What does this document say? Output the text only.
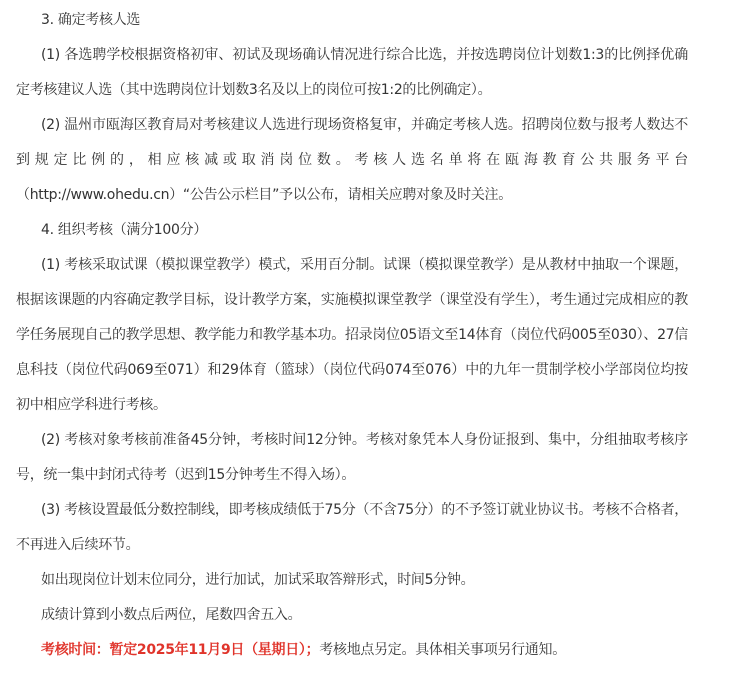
3. 确定考核人选

(1) 各选聘学校根据资格初审、初试及现场确认情况进行综合比选，并按选聘岗位计划数1:3的比例择优确定考核建议人选（其中选聘岗位计划数3名及以上的岗位可按1:2的比例确定）。

(2) 温州市瓯海区教育局对考核建议人选进行现场资格复审，并确定考核人选。招聘岗位数与报考人数达不到规定比例的，相应核减或取消岗位数。考核人选名单将在瓯海教育公共服务平台（http://www.ohedu.cn）“公告公示栏目”予以公布，请相关应聘对象及时关注。

4. 组织考核（满分100分）

(1) 考核采取试课（模拟课堂教学）模式，采用百分制。试课（模拟课堂教学）是从教材中抽取一个课题，根据该课题的内容确定教学目标，设计教学方案，实施模拟课堂教学（课堂没有学生），考生通过完成相应的教学任务展现自己的教学思想、教学能力和教学基本功。招录岗位05语文至14体育（岗位代码005至030）、27信息科技（岗位代码069至071）和29体育（篮球）（岗位代码074至076）中的九年一贯制学校小学部岗位均按初中相应学科进行考核。

(2) 考核对象考核前准备45分钟，考核时间12分钟。考核对象凭本人身份证报到、集中，分组抽取考核序号，统一集中封闭式待考（迟到15分钟考生不得入场）。

(3) 考核设置最低分数控制线，即考核成绩低于75分（不含75分）的不予签订就业协议书。考核不合格者，不再进入后续环节。

如出现岗位计划末位同分，进行加试，加试采取答辩形式，时间5分钟。

成绩计算到小数点后两位，尾数四舍五入。

考核时间：暂定2025年11月9日（星期日）；考核地点另定。具体相关事项另行通知。
